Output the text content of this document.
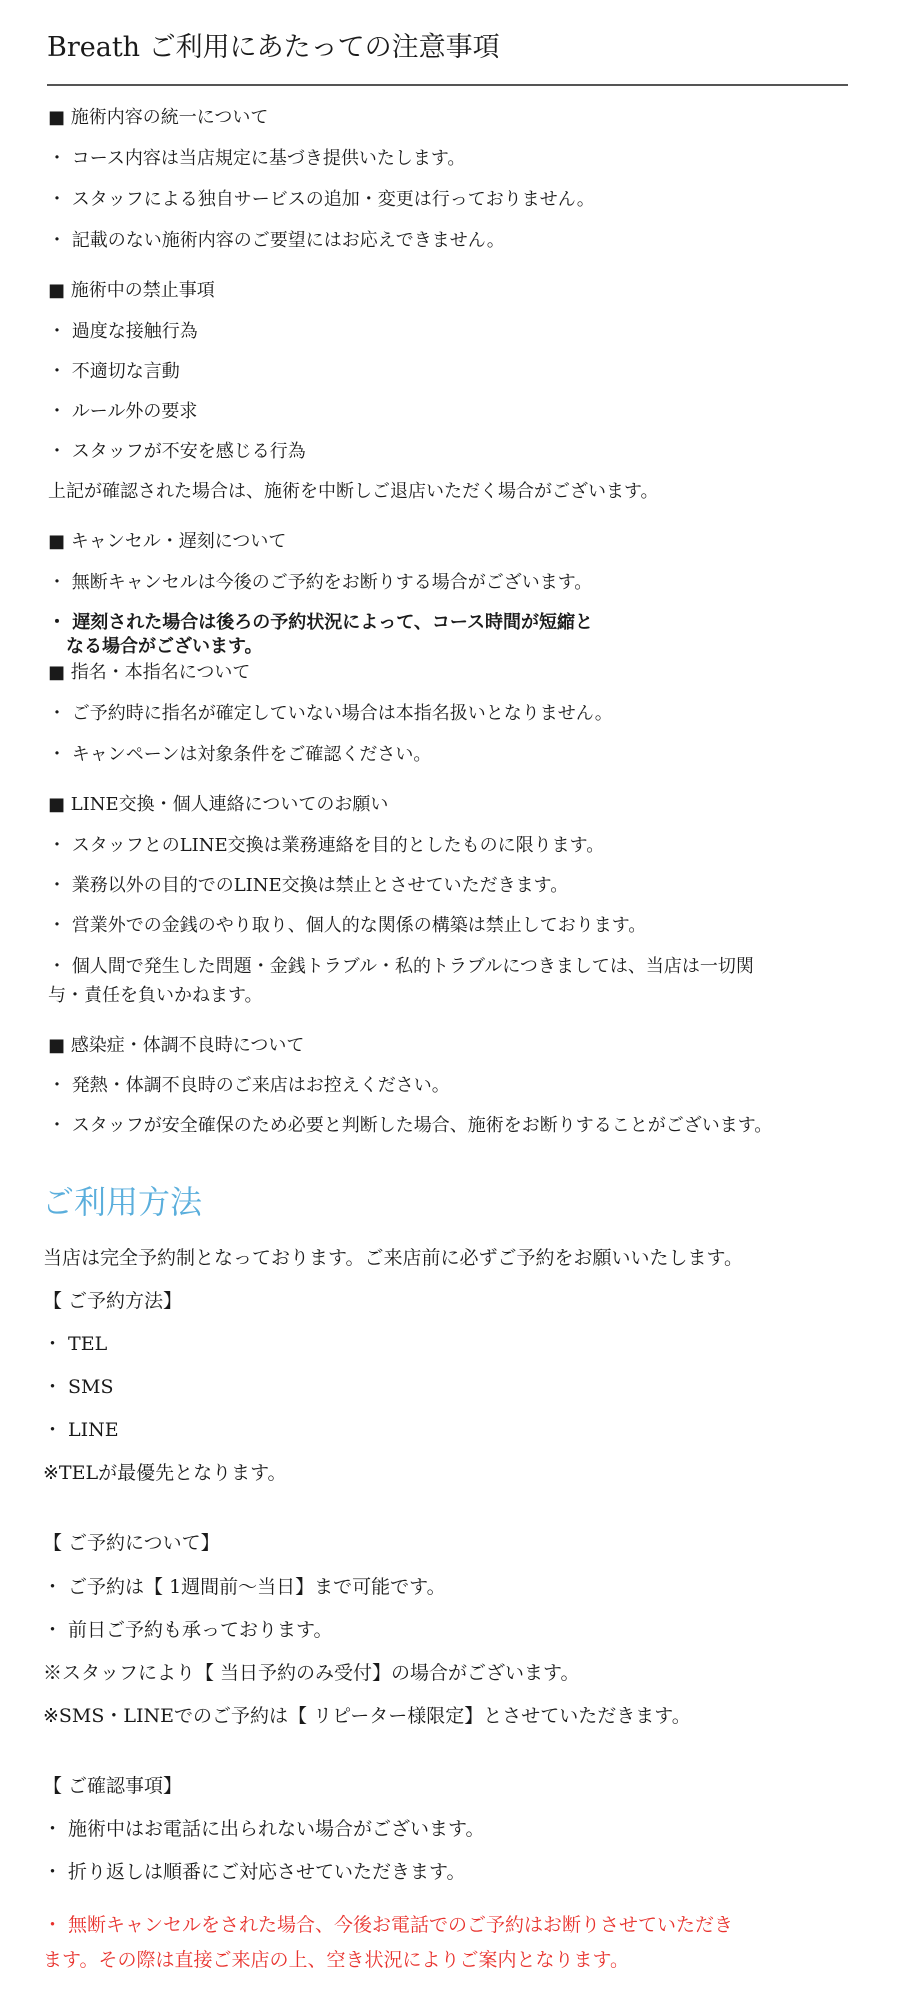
Breath ご利用にあたっての注意事項
■ 施術内容の統一について
・ コース内容は当店規定に基づき提供いたします。
・ スタッフによる独自サービスの追加・変更は行っておりません。
・ 記載のない施術内容のご要望にはお応えできません。
■ 施術中の禁止事項
・ 過度な接触行為
・ 不適切な言動
・ ルール外の要求
・ スタッフが不安を感じる行為
上記が確認された場合は、施術を中断しご退店いただく場合がございます。
■ キャンセル・遅刻について
・ 無断キャンセルは今後のご予約をお断りする場合がございます。
・ 遅刻された場合は後ろの予約状況によって、コース時間が短縮と
　なる場合がございます。
■ 指名・本指名について
・ ご予約時に指名が確定していない場合は本指名扱いとなりません。
・ キャンペーンは対象条件をご確認ください。
■ LINE交換・個人連絡についてのお願い
・ スタッフとのLINE交換は業務連絡を目的としたものに限ります。
・ 業務以外の目的でのLINE交換は禁止とさせていただきます。
・ 営業外での金銭のやり取り、個人的な関係の構築は禁止しております。
・ 個人間で発生した問題・金銭トラブル・私的トラブルにつきましては、当店は一切関
与・責任を負いかねます。
■ 感染症・体調不良時について
・ 発熱・体調不良時のご来店はお控えください。
・ スタッフが安全確保のため必要と判断した場合、施術をお断りすることがございます。
ご利用方法
当店は完全予約制となっております。ご来店前に必ずご予約をお願いいたします。
【 ご予約方法】
・ TEL
・ SMS
・ LINE
※TELが最優先となります。
【 ご予約について】
・ ご予約は【 1週間前～当日】まで可能です。
・ 前日ご予約も承っております。
※スタッフにより【 当日予約のみ受付】の場合がございます。
※SMS・LINEでのご予約は【 リピーター様限定】とさせていただきます。
【 ご確認事項】
・ 施術中はお電話に出られない場合がございます。
・ 折り返しは順番にご対応させていただきます。
・ 無断キャンセルをされた場合、今後お電話でのご予約はお断りさせていただき
ます。その際は直接ご来店の上、空き状況によりご案内となります。
